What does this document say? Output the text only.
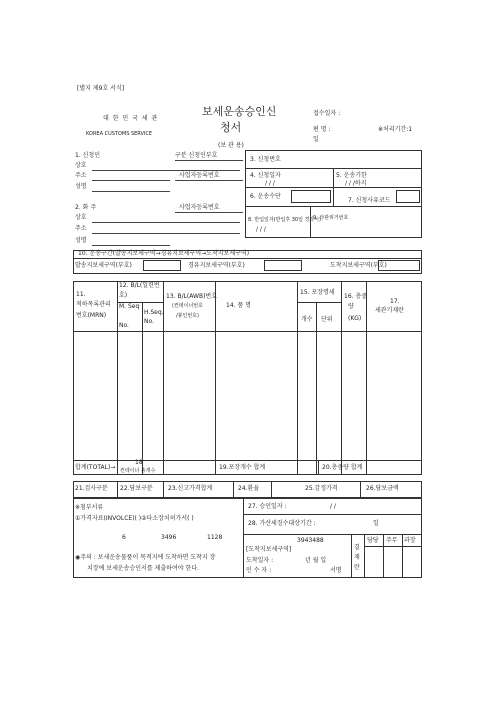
[별지 제9호 서식]
대 한 민 국 세 관
KOREA CUSTOMS SERVICE
보세운송승인신
청서
(보 관 용)
접수일자 :
편 명 :	※처리기간:1
일
1. 신청인	구분 신청인부호
상호
주소	사업자등록번호
성명
2. 화 주	사업자등록번호
상호
주소
성명
3. 신청번호
4. 신청일자
/ / /
5. 운송기한
/ / /하지
6. 운송수단
7. 신청사유코드
8. 반입일자(반입후 30일 경과시)
/ / /
9. 타관위거번호
10. 운송구간(발송지보세구역→경유지보세구역→도착지보세구역)
발송지보세구역(부호)	경유지보세구역(부호)	도착지보세구역(부호)
11.
적하목록관리
번호(MRN)
12. B/L(일련번
호)
M. Seq
No.
H.Seq.
No.
13. B/L(AWB)번호
(컨테이너번호
/봉인번호)
14. 품 명
15. 포장명세
개수 단위
16. 총중
량
(KG)
17.
세관기재란
합계(TOTAL)→
18
컨테이너 총개수	19.포장개수 합계	20.총중량 합계
21.검사구분 22.담보구분	23.신고가격합계	24.환율	25.감정가격	26.담보금액
※첨부서류
①가격자료(INVOLCE)( )②타소장치허가서( )
6	3496	1128
◉주의 : 보세운송물품이 목적지에 도착하면 도착지 장
치장에 보세운송승인서를 제출하여야 한다.
27. 승인일자 :	/ /
28. 가산세징수대상기간 :	일
3943488
[도착지보세구역]
도착일자 :	년 월 일
인 수 자 :	서명
결
재
란
담당 주무 과장
